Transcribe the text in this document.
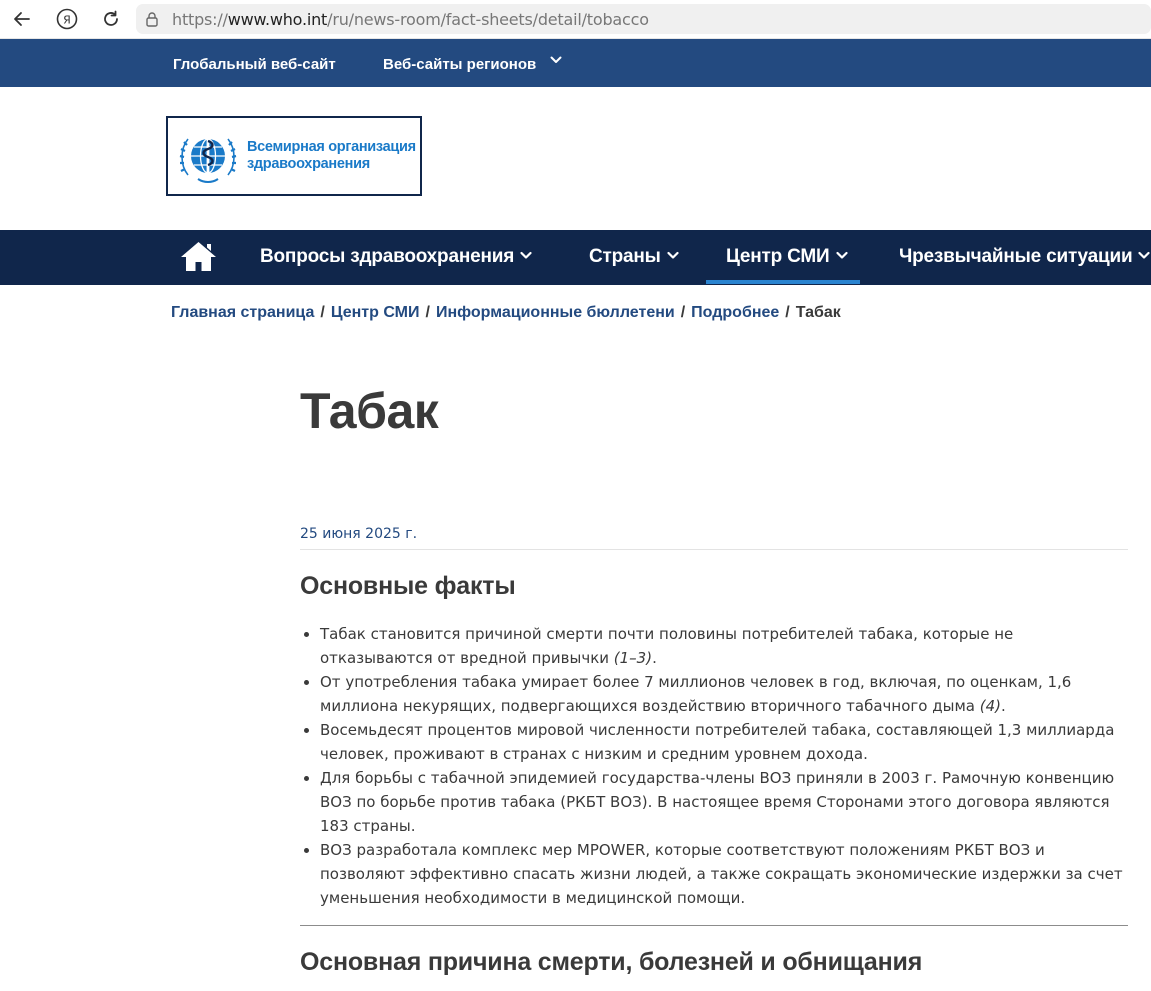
Я	https://www.who.int/ru/news-room/fact-sheets/detail/tobacco
Глобальный веб-сайт	Веб-сайты регионов
Всемирная организация
здравоохранения
Вопросы здравоохранения	Страны	Центр СМИ	Чрезвычайные ситуации
Главная страница / Центр СМИ / Информационные бюллетени / Подробнее / Табак
Табак
25 июня 2025 г.
Основные факты
Табак становится причиной смерти почти половины потребителей табака, которые не отказываются от вредной привычки (1–3).
От употребления табака умирает более 7 миллионов человек в год, включая, по оценкам, 1,6 миллиона некурящих, подвергающихся воздействию вторичного табачного дыма (4).
Восемьдесят процентов мировой численности потребителей табака, составляющей 1,3 миллиарда человек, проживают в странах с низким и средним уровнем дохода.
Для борьбы с табачной эпидемией государства-члены ВОЗ приняли в 2003 г. Рамочную конвенцию ВОЗ по борьбе против табака (РКБТ ВОЗ). В настоящее время Сторонами этого договора являются 183 страны.
ВОЗ разработала комплекс мер MPOWER, которые соответствуют положениям РКБТ ВОЗ и позволяют эффективно спасать жизни людей, а также сокращать экономические издержки за счет уменьшения необходимости в медицинской помощи.
Основная причина смерти, болезней и обнищания
